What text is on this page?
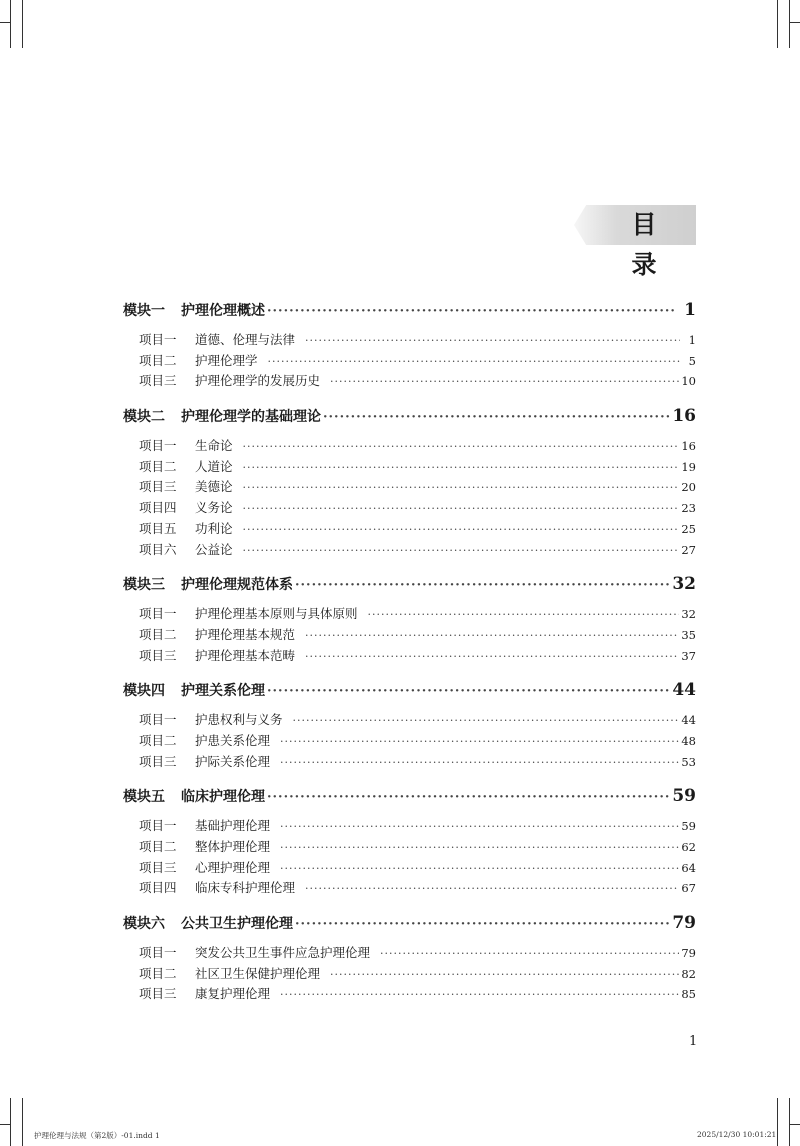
目 录
模块一	护理伦理概述 ·····	1
项目一	道德、伦理与法律 ·····	1
项目二	护理伦理学 ·····	5
项目三	护理伦理学的发展历史 ·····	10
模块二	护理伦理学的基础理论 ·····	16
项目一	生命论 ·····	16
项目二	人道论 ·····	19
项目三	美德论 ·····	20
项目四	义务论 ·····	23
项目五	功利论 ·····	25
项目六	公益论 ·····	27
模块三	护理伦理规范体系 ·····	32
项目一	护理伦理基本原则与具体原则 ·····	32
项目二	护理伦理基本规范 ·····	35
项目三	护理伦理基本范畴 ·····	37
模块四	护理关系伦理 ·····	44
项目一	护患权利与义务 ·····	44
项目二	护患关系伦理 ·····	48
项目三	护际关系伦理 ·····	53
模块五	临床护理伦理 ·····	59
项目一	基础护理伦理 ·····	59
项目二	整体护理伦理 ·····	62
项目三	心理护理伦理 ·····	64
项目四	临床专科护理伦理 ·····	67
模块六	公共卫生护理伦理 ·····	79
项目一	突发公共卫生事件应急护理伦理 ·····	79
项目二	社区卫生保健护理伦理 ·····	82
项目三	康复护理伦理 ·····	85
1
护理伦理与法规（第2版）-01.indd 1	2025/12/30 10:01:21
